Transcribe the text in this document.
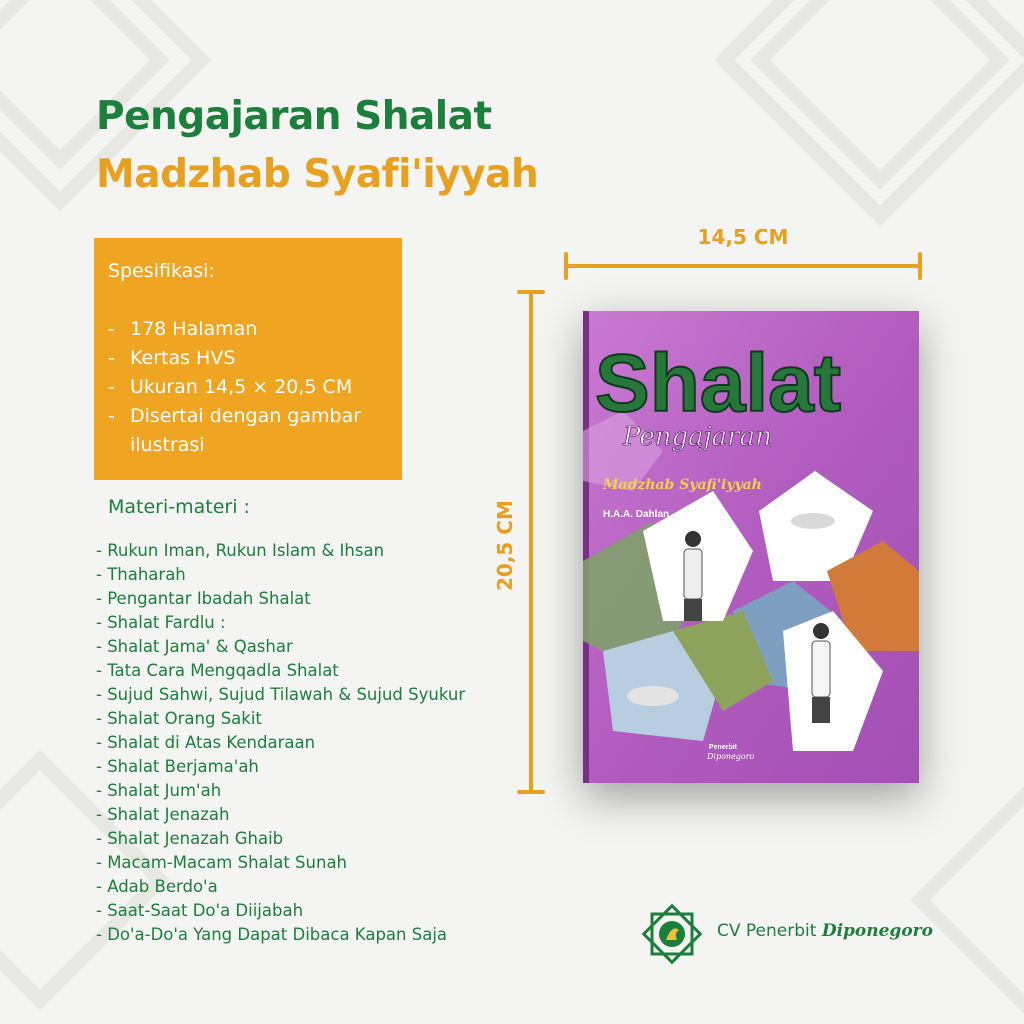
Pengajaran Shalat
Madzhab Syafi'iyyah

Spesifikasi:

- 178 Halaman
- Kertas HVS
- Ukuran 14,5 × 20,5 CM
- Disertai dengan gambar ilustrasi

Materi-materi :

- Rukun Iman, Rukun Islam & Ihsan
- Thaharah
- Pengantar Ibadah Shalat
- Shalat Fardlu :
- Shalat Jama' & Qashar
- Tata Cara Mengqadla Shalat
- Sujud Sahwi, Sujud Tilawah & Sujud Syukur
- Shalat Orang Sakit
- Shalat di Atas Kendaraan
- Shalat Berjama'ah
- Shalat Jum'ah
- Shalat Jenazah
- Shalat Jenazah Ghaib
- Macam-Macam Shalat Sunah
- Adab Berdo'a
- Saat-Saat Do'a Diijabah
- Do'a-Do'a Yang Dapat Dibaca Kapan Saja
14,5 CM
20,5 CM
Shalat
Pengajaran
Madzhab Syafi'iyyah
H.A.A. Dahlan
Penerbit
Diponegoro
CV Penerbit Diponegoro
